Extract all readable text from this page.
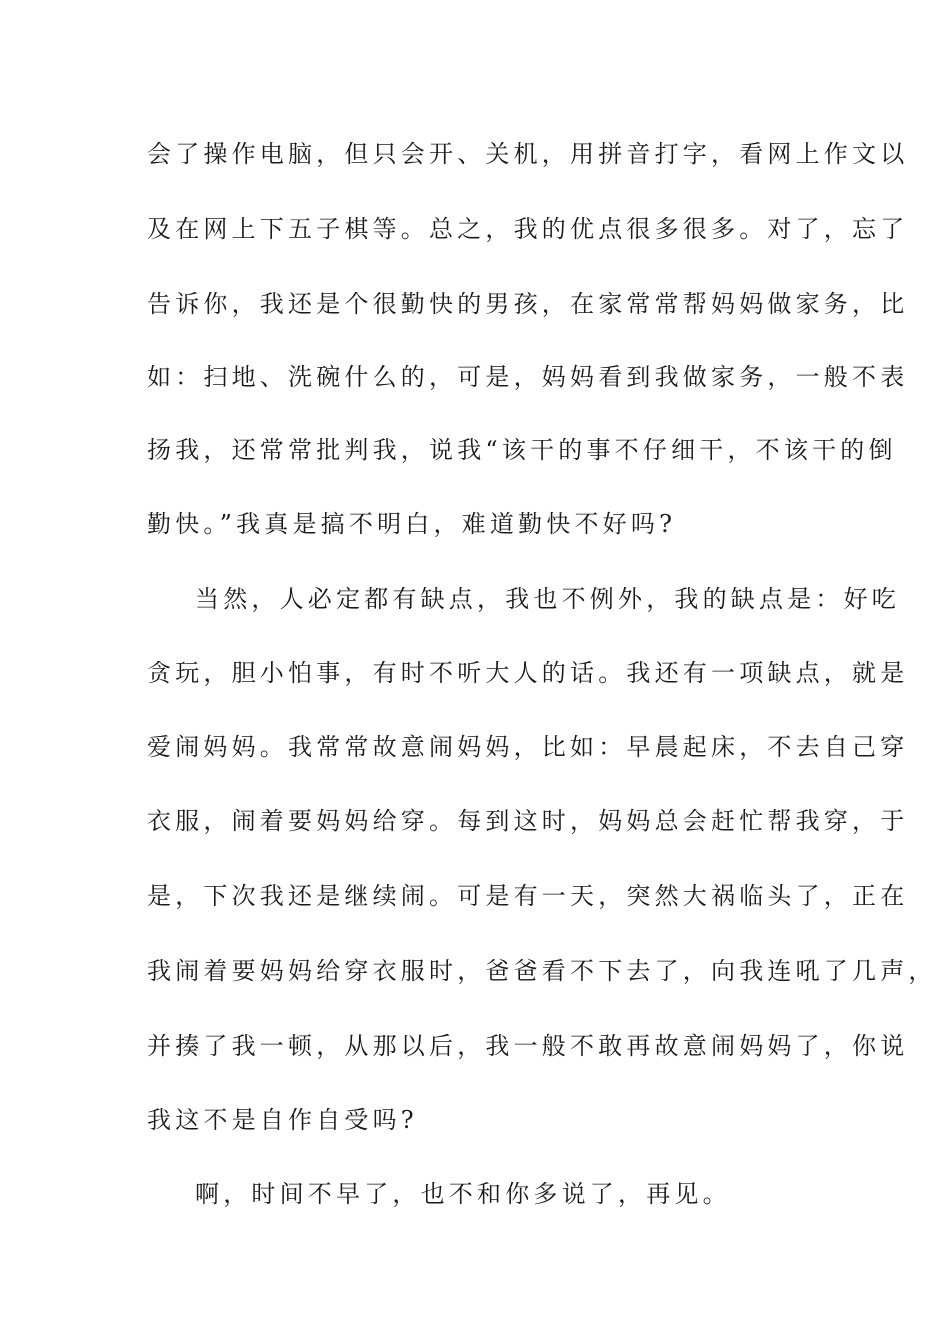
会了操作电脑，但只会开、关机，用拼音打字，看网上作文以
及在网上下五子棋等。总之，我的优点很多很多。对了，忘了
告诉你，我还是个很勤快的男孩，在家常常帮妈妈做家务，比
如：扫地、洗碗什么的，可是，妈妈看到我做家务，一般不表
扬我，还常常批判我，说我“该干的事不仔细干，不该干的倒
勤快。”我真是搞不明白，难道勤快不好吗?
当然，人必定都有缺点，我也不例外，我的缺点是：好吃
贪玩，胆小怕事，有时不听大人的话。我还有一项缺点，就是
爱闹妈妈。我常常故意闹妈妈，比如：早晨起床，不去自己穿
衣服，闹着要妈妈给穿。每到这时，妈妈总会赶忙帮我穿，于
是，下次我还是继续闹。可是有一天，突然大祸临头了，正在
我闹着要妈妈给穿衣服时，爸爸看不下去了，向我连吼了几声，
并揍了我一顿，从那以后，我一般不敢再故意闹妈妈了，你说
我这不是自作自受吗?
啊，时间不早了，也不和你多说了，再见。
